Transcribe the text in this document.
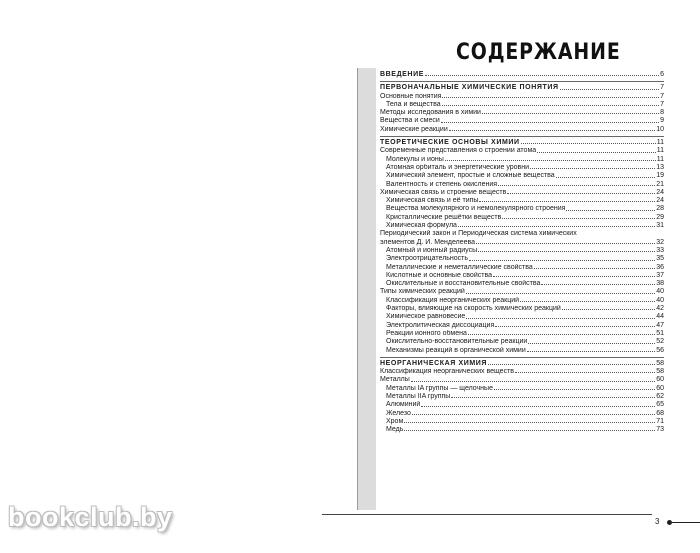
СОДЕРЖАНИЕ
ВВЕДЕНИЕ	6
ПЕРВОНАЧАЛЬНЫЕ ХИМИЧЕСКИЕ ПОНЯТИЯ	7
Основные понятия	7
Тела и вещества	7
Методы исследования в химии	8
Вещества и смеси	9
Химические реакции	10
ТЕОРЕТИЧЕСКИЕ ОСНОВЫ ХИМИИ	11
Современные представления о строении атома	11
Молекулы и ионы	11
Атомная орбиталь и энергетические уровни	13
Химический элемент, простые и сложные вещества	19
Валентность и степень окисления	21
Химическая связь и строение веществ	24
Химическая связь и её типы	24
Вещества молекулярного и немолекулярного строения	28
Кристаллические решётки веществ	29
Химическая формула	31
Периодический закон и Периодическая система химических
элементов Д. И. Менделеева	32
Атомный и ионный радиусы	33
Электроотрицательность	35
Металлические и неметаллические свойства	36
Кислотные и основные свойства	37
Окислительные и восстановительные свойства	38
Типы химических реакций	40
Классификация неорганических реакций	40
Факторы, влияющие на скорость химических реакций	42
Химическое равновесие	44
Электролитическая диссоциация	47
Реакции ионного обмена	51
Окислительно-восстановительные реакции	52
Механизмы реакций в органической химии	56
НЕОРГАНИЧЕСКАЯ ХИМИЯ	58
Классификация неорганических веществ	58
Металлы	60
Металлы IA группы — щелочные	60
Металлы IIA группы	62
Алюминий	65
Железо	68
Хром	71
Медь	73
3
bookclub.by
